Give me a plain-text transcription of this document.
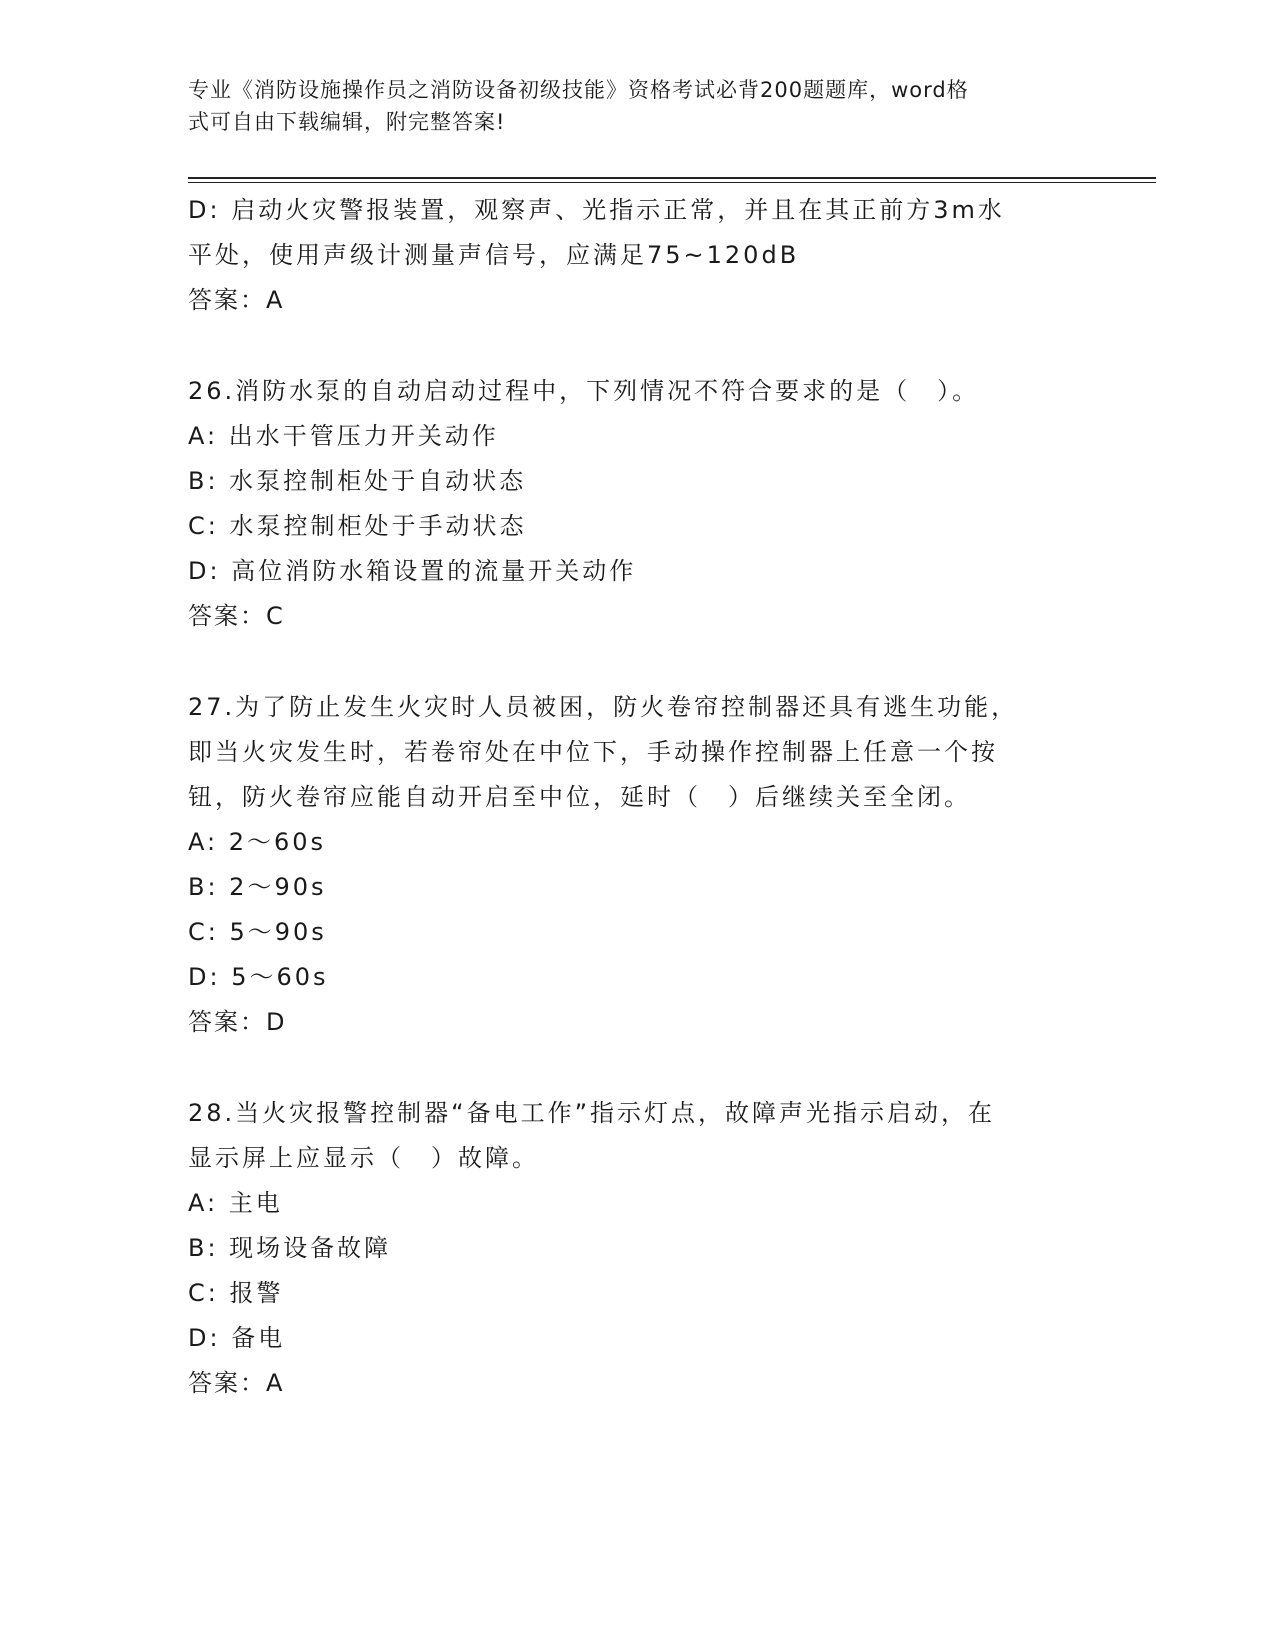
专业《消防设施操作员之消防设备初级技能》资格考试必背200题题库，word格
式可自由下载编辑，附完整答案!
D: 启动火灾警报装置，观察声、光指示正常，并且在其正前方3m水
平处，使用声级计测量声信号，应满足75~120dB
答案：A
26.消防水泵的自动启动过程中，下列情况不符合要求的是（　）。
A: 出水干管压力开关动作
B: 水泵控制柜处于自动状态
C: 水泵控制柜处于手动状态
D: 高位消防水箱设置的流量开关动作
答案：C
27.为了防止发生火灾时人员被困，防火卷帘控制器还具有逃生功能，
即当火灾发生时，若卷帘处在中位下，手动操作控制器上任意一个按
钮，防火卷帘应能自动开启至中位，延时（　）后继续关至全闭。
A: 2～60s
B: 2～90s
C: 5～90s
D: 5～60s
答案：D
28.当火灾报警控制器“备电工作”指示灯点，故障声光指示启动，在
显示屏上应显示（　）故障。
A: 主电
B: 现场设备故障
C: 报警
D: 备电
答案：A
